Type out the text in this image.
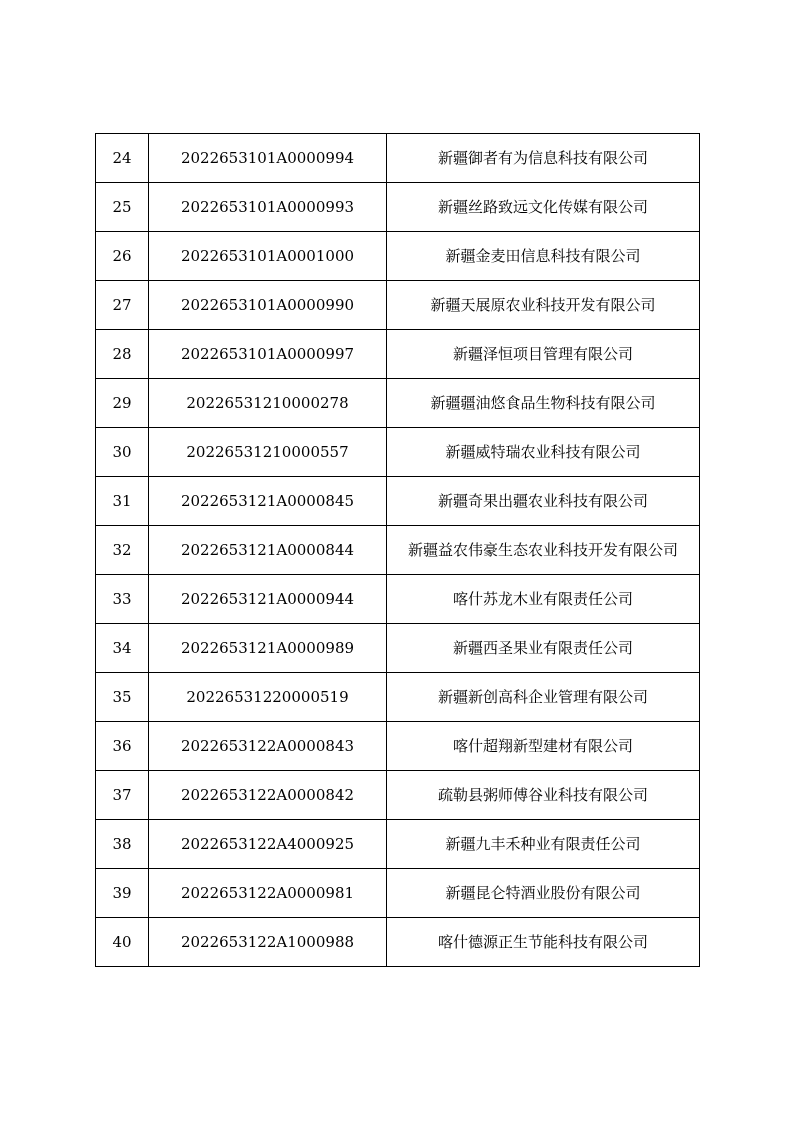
24	2022653101A0000994	新疆御者有为信息科技有限公司
25	2022653101A0000993	新疆丝路致远文化传媒有限公司
26	2022653101A0001000	新疆金麦田信息科技有限公司
27	2022653101A0000990	新疆天展原农业科技开发有限公司
28	2022653101A0000997	新疆泽恒项目管理有限公司
29	20226531210000278	新疆疆油悠食品生物科技有限公司
30	20226531210000557	新疆威特瑞农业科技有限公司
31	2022653121A0000845	新疆奇果出疆农业科技有限公司
32	2022653121A0000844	新疆益农伟豪生态农业科技开发有限公司
33	2022653121A0000944	喀什苏龙木业有限责任公司
34	2022653121A0000989	新疆西圣果业有限责任公司
35	20226531220000519	新疆新创高科企业管理有限公司
36	2022653122A0000843	喀什超翔新型建材有限公司
37	2022653122A0000842	疏勒县粥师傅谷业科技有限公司
38	2022653122A4000925	新疆九丰禾种业有限责任公司
39	2022653122A0000981	新疆昆仑特酒业股份有限公司
40	2022653122A1000988	喀什德源正生节能科技有限公司
